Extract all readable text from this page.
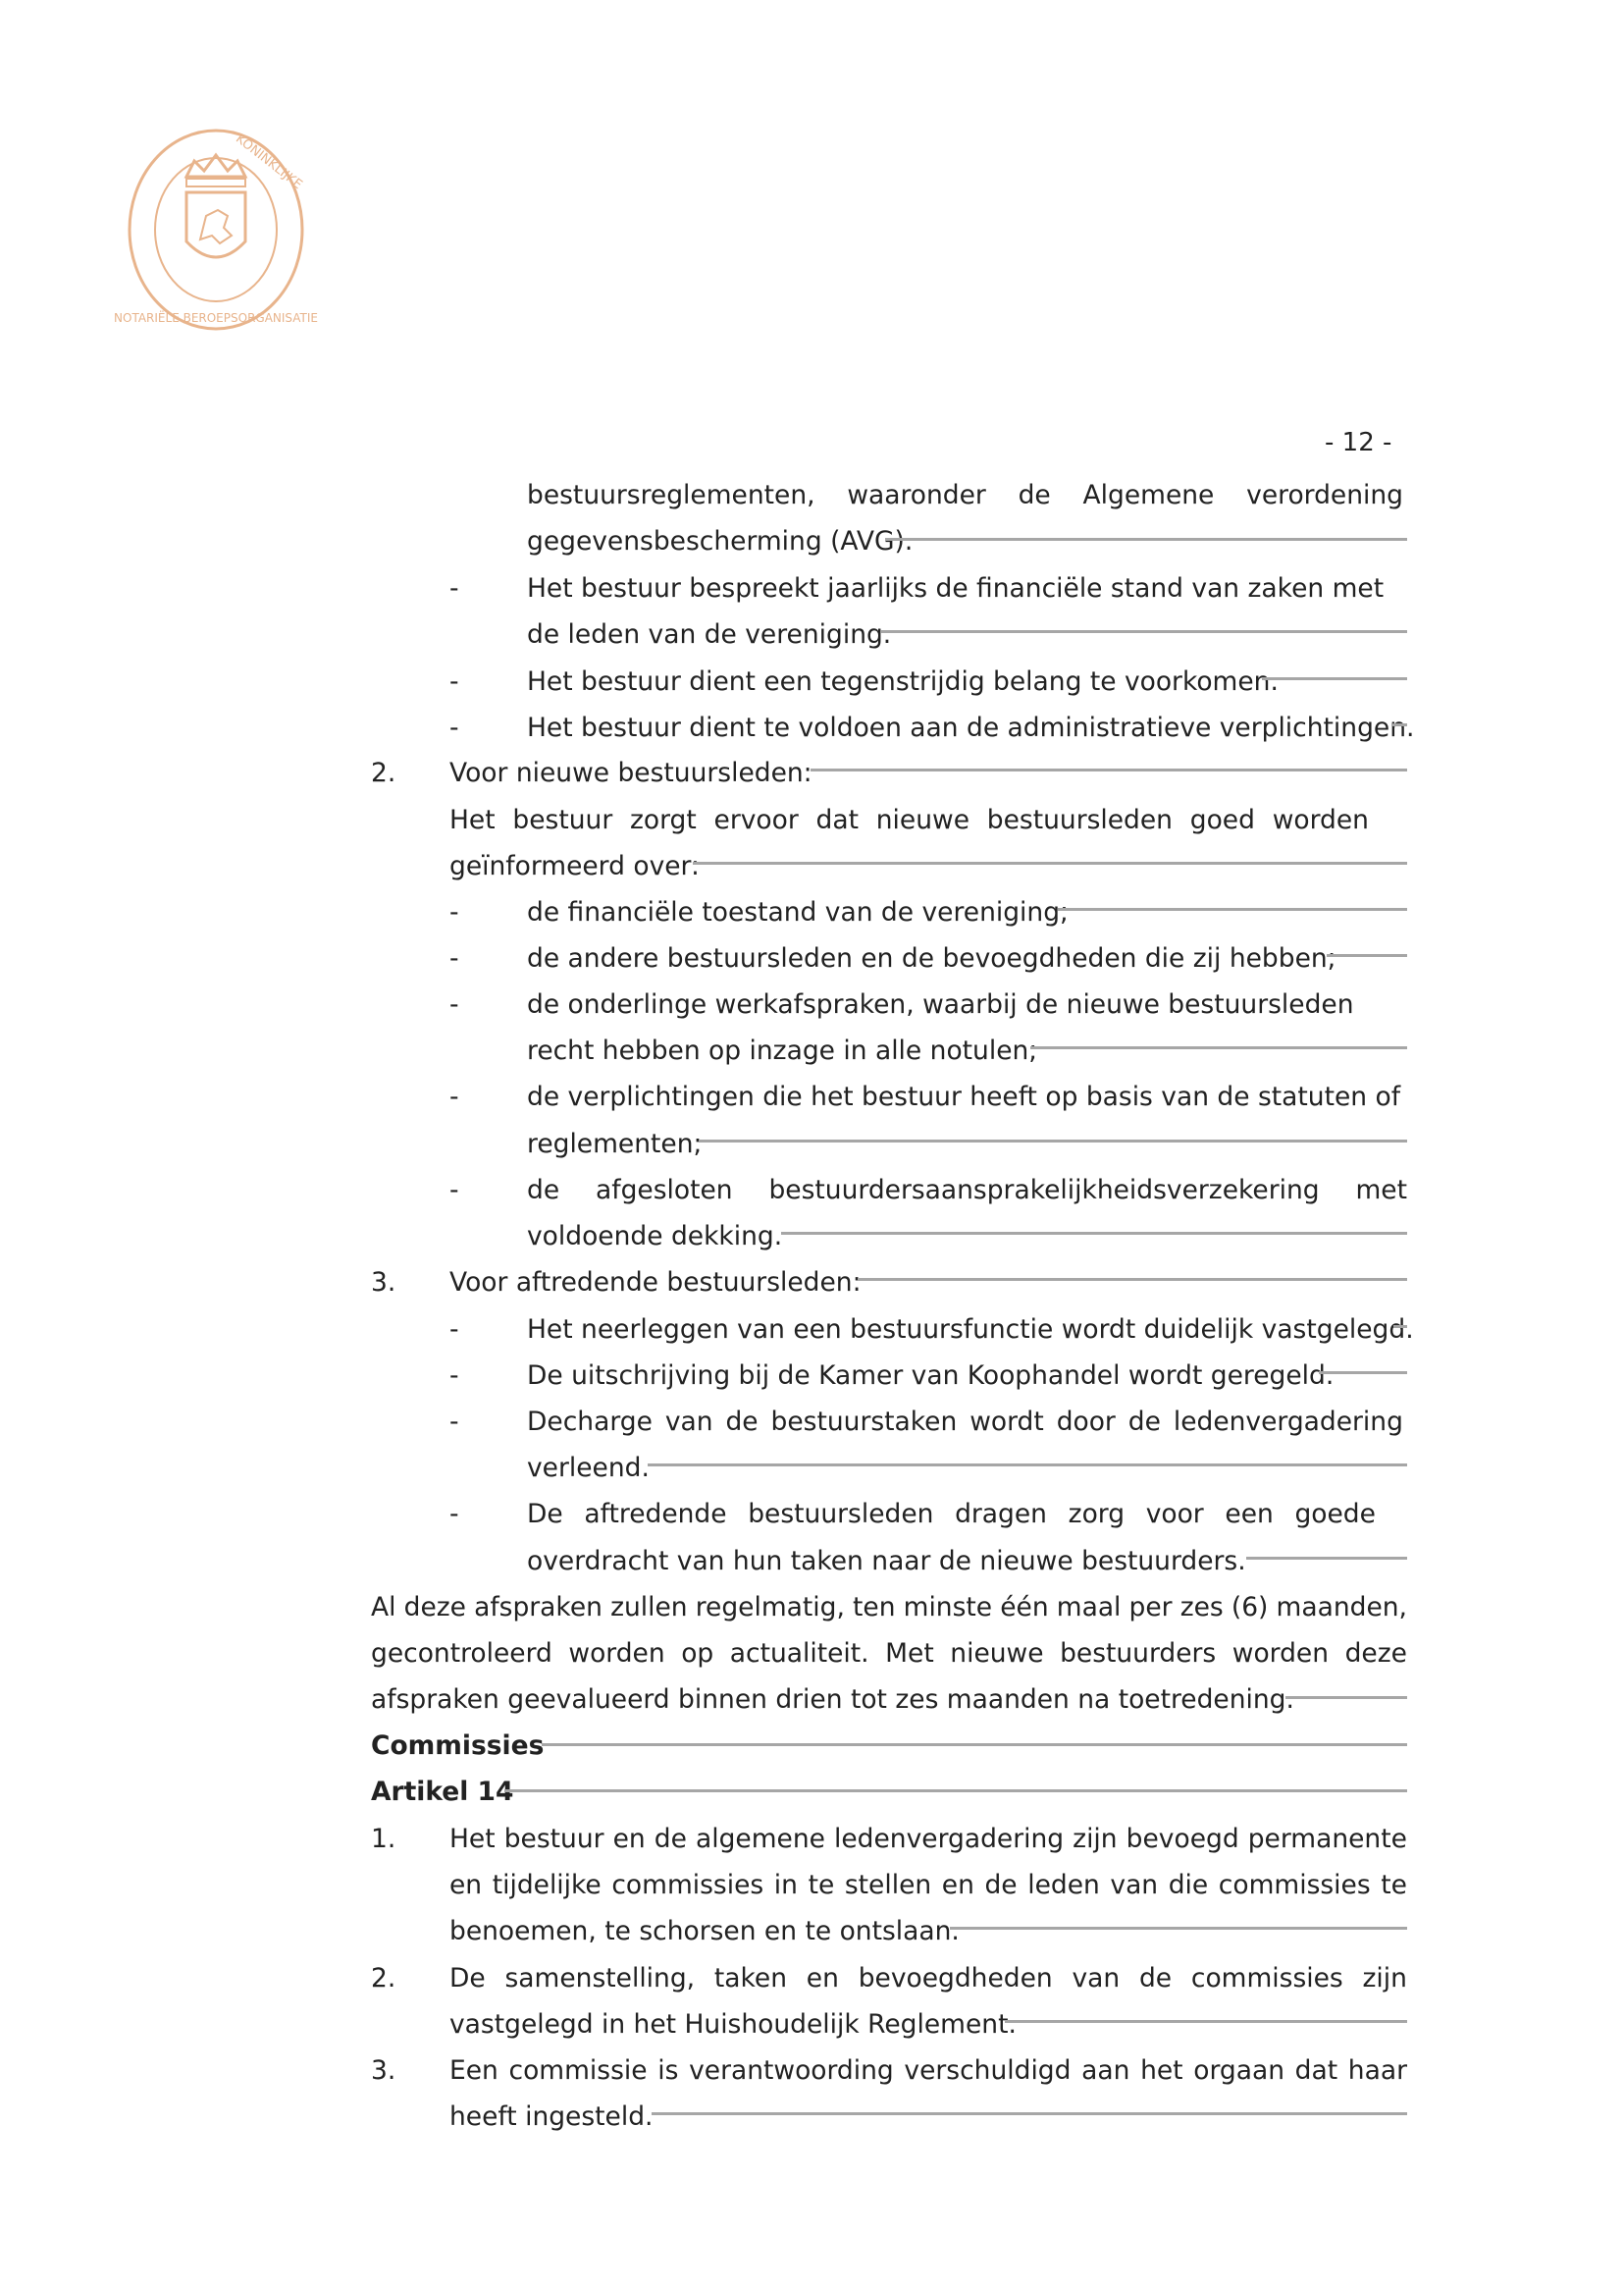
KONINKLIJKE
NOTARIËLE BEROEPSORGANISATIE
- 12 -
bestuursreglementen, waaronder de Algemene verordening
gegevensbescherming (AVG).
-	Het bestuur bespreekt jaarlijks de financiële stand van zaken met
de leden van de vereniging.
-	Het bestuur dient een tegenstrijdig belang te voorkomen.
-	Het bestuur dient te voldoen aan de administratieve verplichtingen.
2. Voor nieuwe bestuursleden:
Het bestuur zorgt ervoor dat nieuwe bestuursleden goed worden
geïnformeerd over:
-	de financiële toestand van de vereniging;
-	de andere bestuursleden en de bevoegdheden die zij hebben;
-	de onderlinge werkafspraken, waarbij de nieuwe bestuursleden
recht hebben op inzage in alle notulen;
-	de verplichtingen die het bestuur heeft op basis van de statuten of
reglementen;
-	de afgesloten bestuurdersaansprakelijkheidsverzekering met
voldoende dekking.
3. Voor aftredende bestuursleden:
-	Het neerleggen van een bestuursfunctie wordt duidelijk vastgelegd.
-	De uitschrijving bij de Kamer van Koophandel wordt geregeld.
-	Decharge van de bestuurstaken wordt door de ledenvergadering
verleend.
-	De aftredende bestuursleden dragen zorg voor een goede
overdracht van hun taken naar de nieuwe bestuurders.
Al deze afspraken zullen regelmatig, ten minste één maal per zes (6) maanden,
gecontroleerd worden op actualiteit. Met nieuwe bestuurders worden deze
afspraken geevalueerd binnen drien tot zes maanden na toetredening.
Commissies
Artikel 14
1. Het bestuur en de algemene ledenvergadering zijn bevoegd permanente
en tijdelijke commissies in te stellen en de leden van die commissies te
benoemen, te schorsen en te ontslaan.
2. De samenstelling, taken en bevoegdheden van de commissies zijn
vastgelegd in het Huishoudelijk Reglement.
3. Een commissie is verantwoording verschuldigd aan het orgaan dat haar
heeft ingesteld.
